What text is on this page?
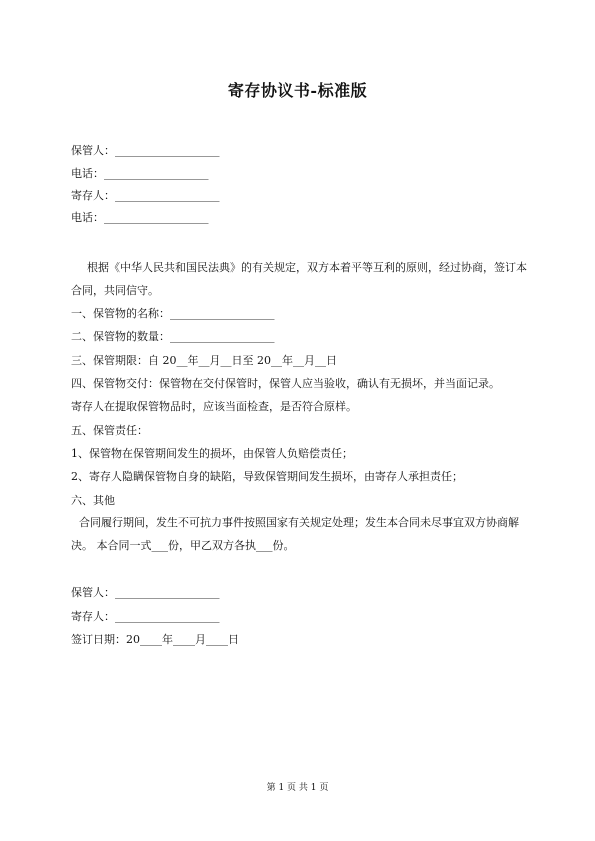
寄存协议书-标准版
保管人：___________________
电话：___________________
寄存人：___________________
电话：___________________
根据《中华人民共和国民法典》的有关规定，双方本着平等互利的原则，经过协商，签订本合同，共同信守。
一、保管物的名称：___________________
二、保管物的数量：___________________
三、保管期限：自 20__年__月__日至 20__年__月__日
四、保管物交付：保管物在交付保管时，保管人应当验收，确认有无损坏，并当面记录。
寄存人在提取保管物品时，应该当面检查，是否符合原样。
五、保管责任：
1、保管物在保管期间发生的损坏，由保管人负赔偿责任；
2、寄存人隐瞒保管物自身的缺陷，导致保管期间发生损坏，由寄存人承担责任；
六、其他
合同履行期间，发生不可抗力事件按照国家有关规定处理；发生本合同未尽事宜双方协商解决。 本合同一式___份，甲乙双方各执___份。
保管人：___________________
寄存人：___________________
签订日期：20____年____月____日
第 1 页 共 1 页
